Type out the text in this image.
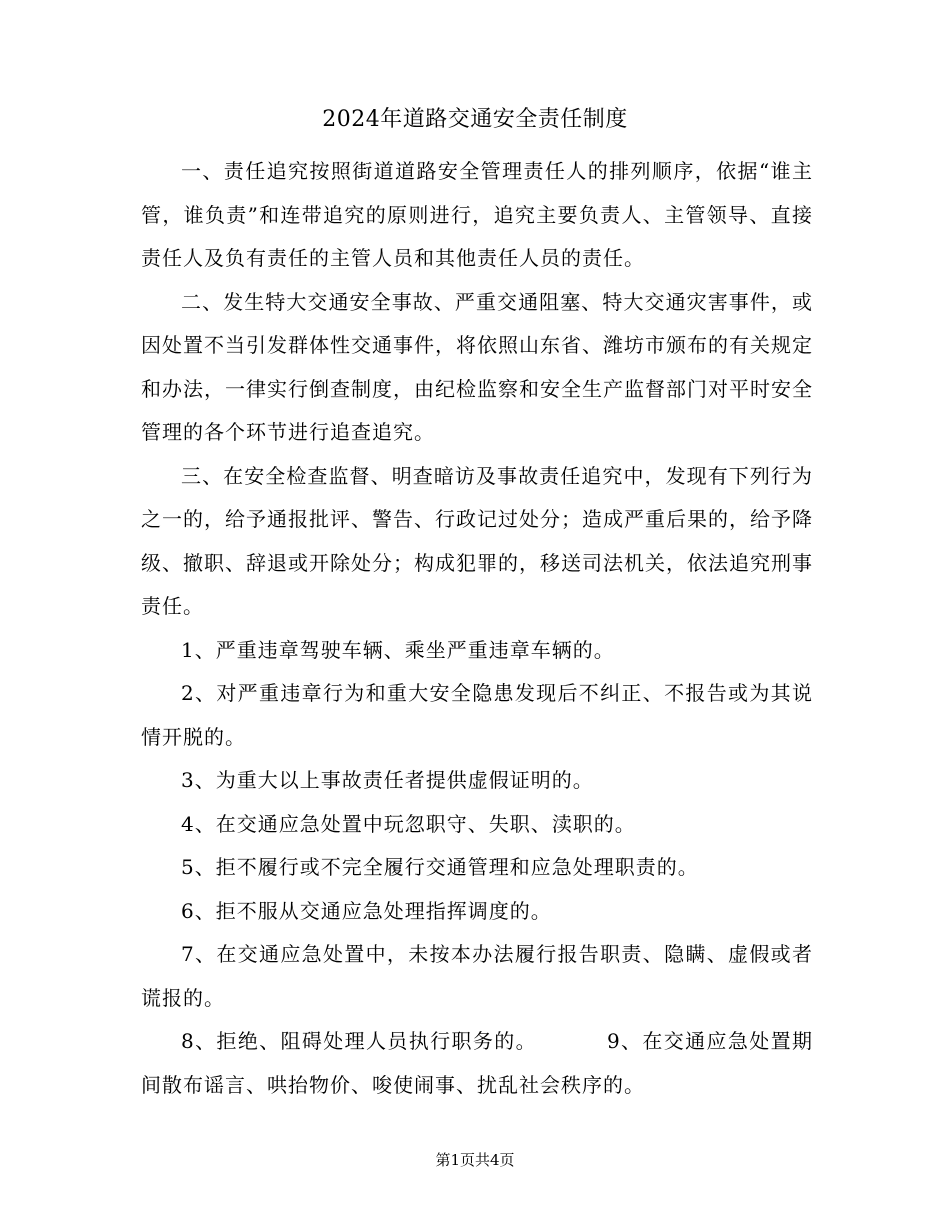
2024年道路交通安全责任制度

一、责任追究按照街道道路安全管理责任人的排列顺序，依据“谁主管，谁负责”和连带追究的原则进行，追究主要负责人、主管领导、直接责任人及负有责任的主管人员和其他责任人员的责任。

二、发生特大交通安全事故、严重交通阻塞、特大交通灾害事件，或因处置不当引发群体性交通事件，将依照山东省、潍坊市颁布的有关规定和办法，一律实行倒查制度，由纪检监察和安全生产监督部门对平时安全管理的各个环节进行追查追究。

三、在安全检查监督、明查暗访及事故责任追究中，发现有下列行为之一的，给予通报批评、警告、行政记过处分；造成严重后果的，给予降级、撤职、辞退或开除处分；构成犯罪的，移送司法机关，依法追究刑事责任。

1、严重违章驾驶车辆、乘坐严重违章车辆的。

2、对严重违章行为和重大安全隐患发现后不纠正、不报告或为其说情开脱的。

3、为重大以上事故责任者提供虚假证明的。

4、在交通应急处置中玩忽职守、失职、渎职的。

5、拒不履行或不完全履行交通管理和应急处理职责的。

6、拒不服从交通应急处理指挥调度的。

7、在交通应急处置中，未按本办法履行报告职责、隐瞒、虚假或者谎报的。

8、拒绝、阻碍处理人员执行职务的。	9、在交通应急处置期间散布谣言、哄抬物价、唆使闹事、扰乱社会秩序的。

第1页共4页
